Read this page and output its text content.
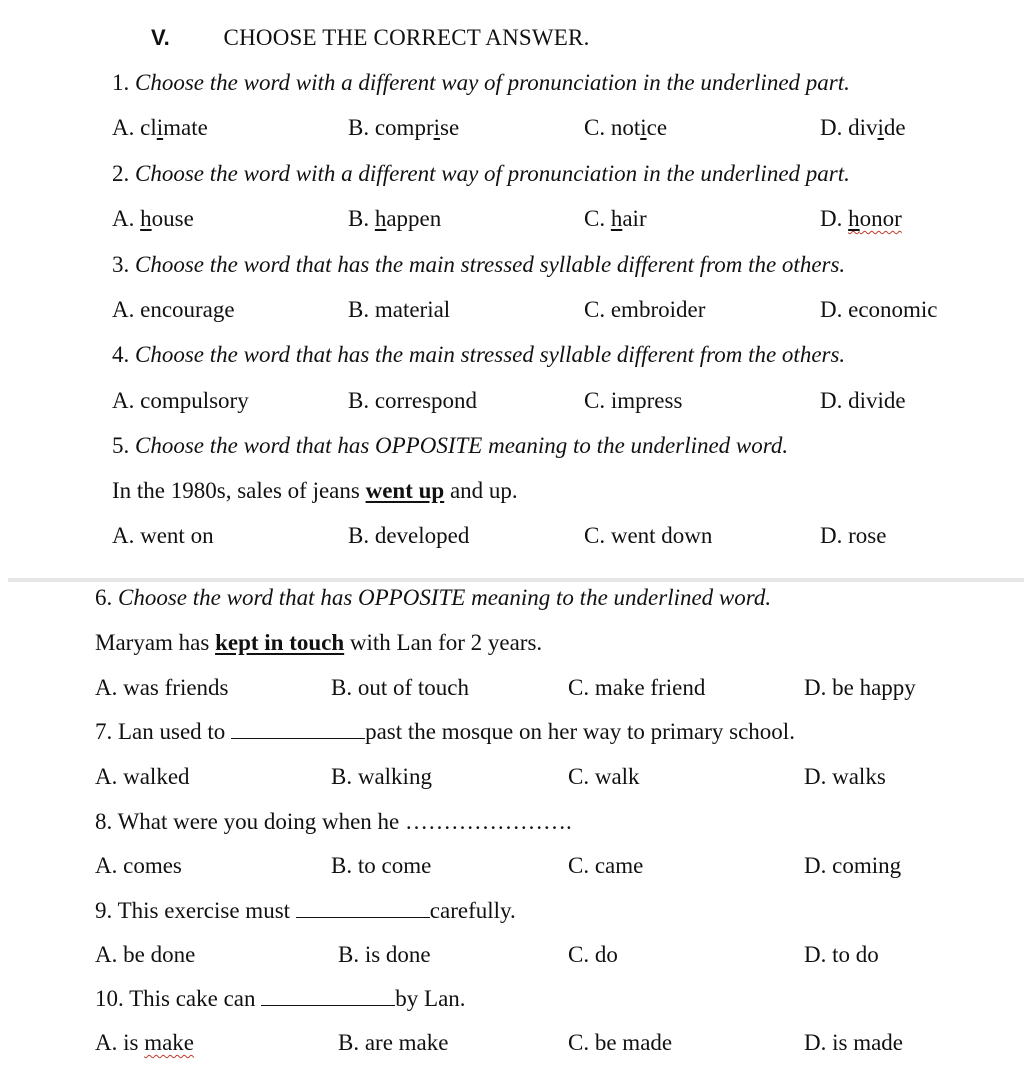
V. CHOOSE THE CORRECT ANSWER.
1. Choose the word with a different way of pronunciation in the underlined part.
A. climate	B. comprise	C. notice	D. divide
2. Choose the word with a different way of pronunciation in the underlined part.
A. house	B. happen	C. hair	D. honor
3. Choose the word that has the main stressed syllable different from the others.
A. encourage	B. material	C. embroider	D. economic
4. Choose the word that has the main stressed syllable different from the others.
A. compulsory	B. correspond	C. impress	D. divide
5. Choose the word that has OPPOSITE meaning to the underlined word.
In the 1980s, sales of jeans went up and up.
A. went on	B. developed	C. went down	D. rose
6. Choose the word that has OPPOSITE meaning to the underlined word.
Maryam has kept in touch with Lan for 2 years.
A. was friends	B. out of touch	C. make friend	D. be happy
7. Lan used to	past the mosque on her way to primary school.
A. walked	B. walking	C. walk	D. walks
8. What were you doing when he ………………….
A. comes	B. to come	C. came	D. coming
9. This exercise must	carefully.
A. be done	B. is done	C. do	D. to do
10. This cake can	by Lan.
A. is make	B. are make	C. be made	D. is made
